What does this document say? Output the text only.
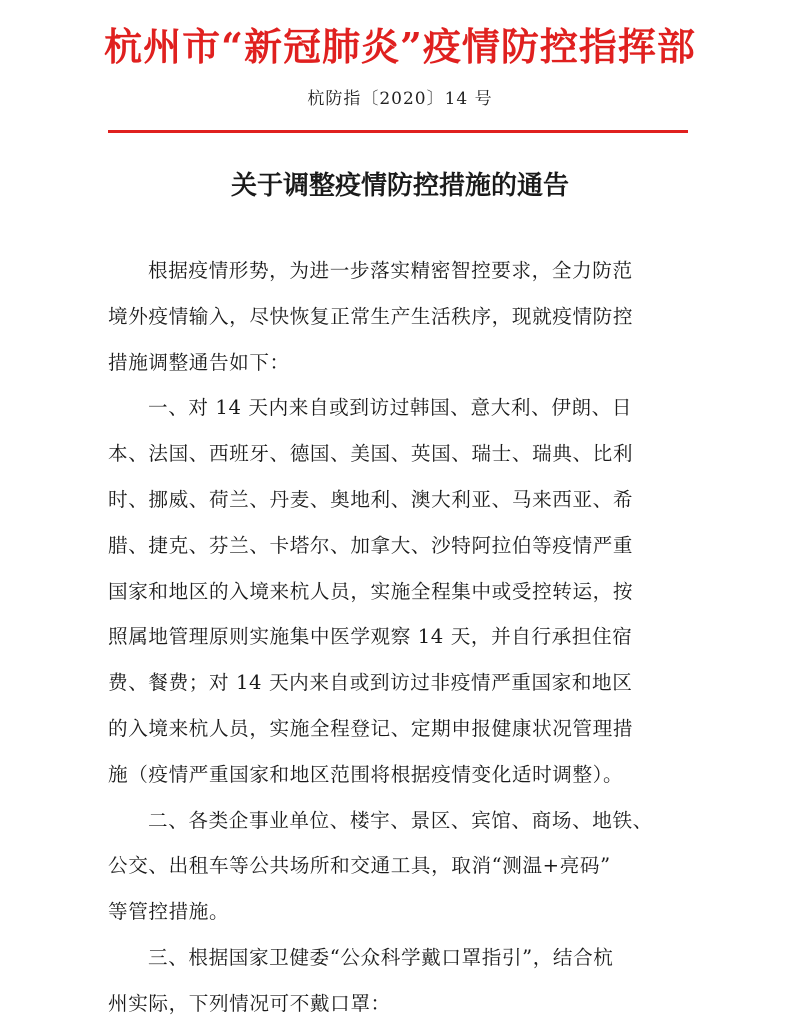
杭州市“新冠肺炎”疫情防控指挥部
杭防指〔2020〕14 号
关于调整疫情防控措施的通告
根据疫情形势，为进一步落实精密智控要求，全力防范
境外疫情输入，尽快恢复正常生产生活秩序，现就疫情防控
措施调整通告如下：
一、对 14 天内来自或到访过韩国、意大利、伊朗、日
本、法国、西班牙、德国、美国、英国、瑞士、瑞典、比利
时、挪威、荷兰、丹麦、奥地利、澳大利亚、马来西亚、希
腊、捷克、芬兰、卡塔尔、加拿大、沙特阿拉伯等疫情严重
国家和地区的入境来杭人员，实施全程集中或受控转运，按
照属地管理原则实施集中医学观察 14 天，并自行承担住宿
费、餐费；对 14 天内来自或到访过非疫情严重国家和地区
的入境来杭人员，实施全程登记、定期申报健康状况管理措
施（疫情严重国家和地区范围将根据疫情变化适时调整）。
二、各类企事业单位、楼宇、景区、宾馆、商场、地铁、
公交、出租车等公共场所和交通工具，取消“测温+亮码”
等管控措施。
三、根据国家卫健委“公众科学戴口罩指引”，结合杭
州实际，下列情况可不戴口罩：
